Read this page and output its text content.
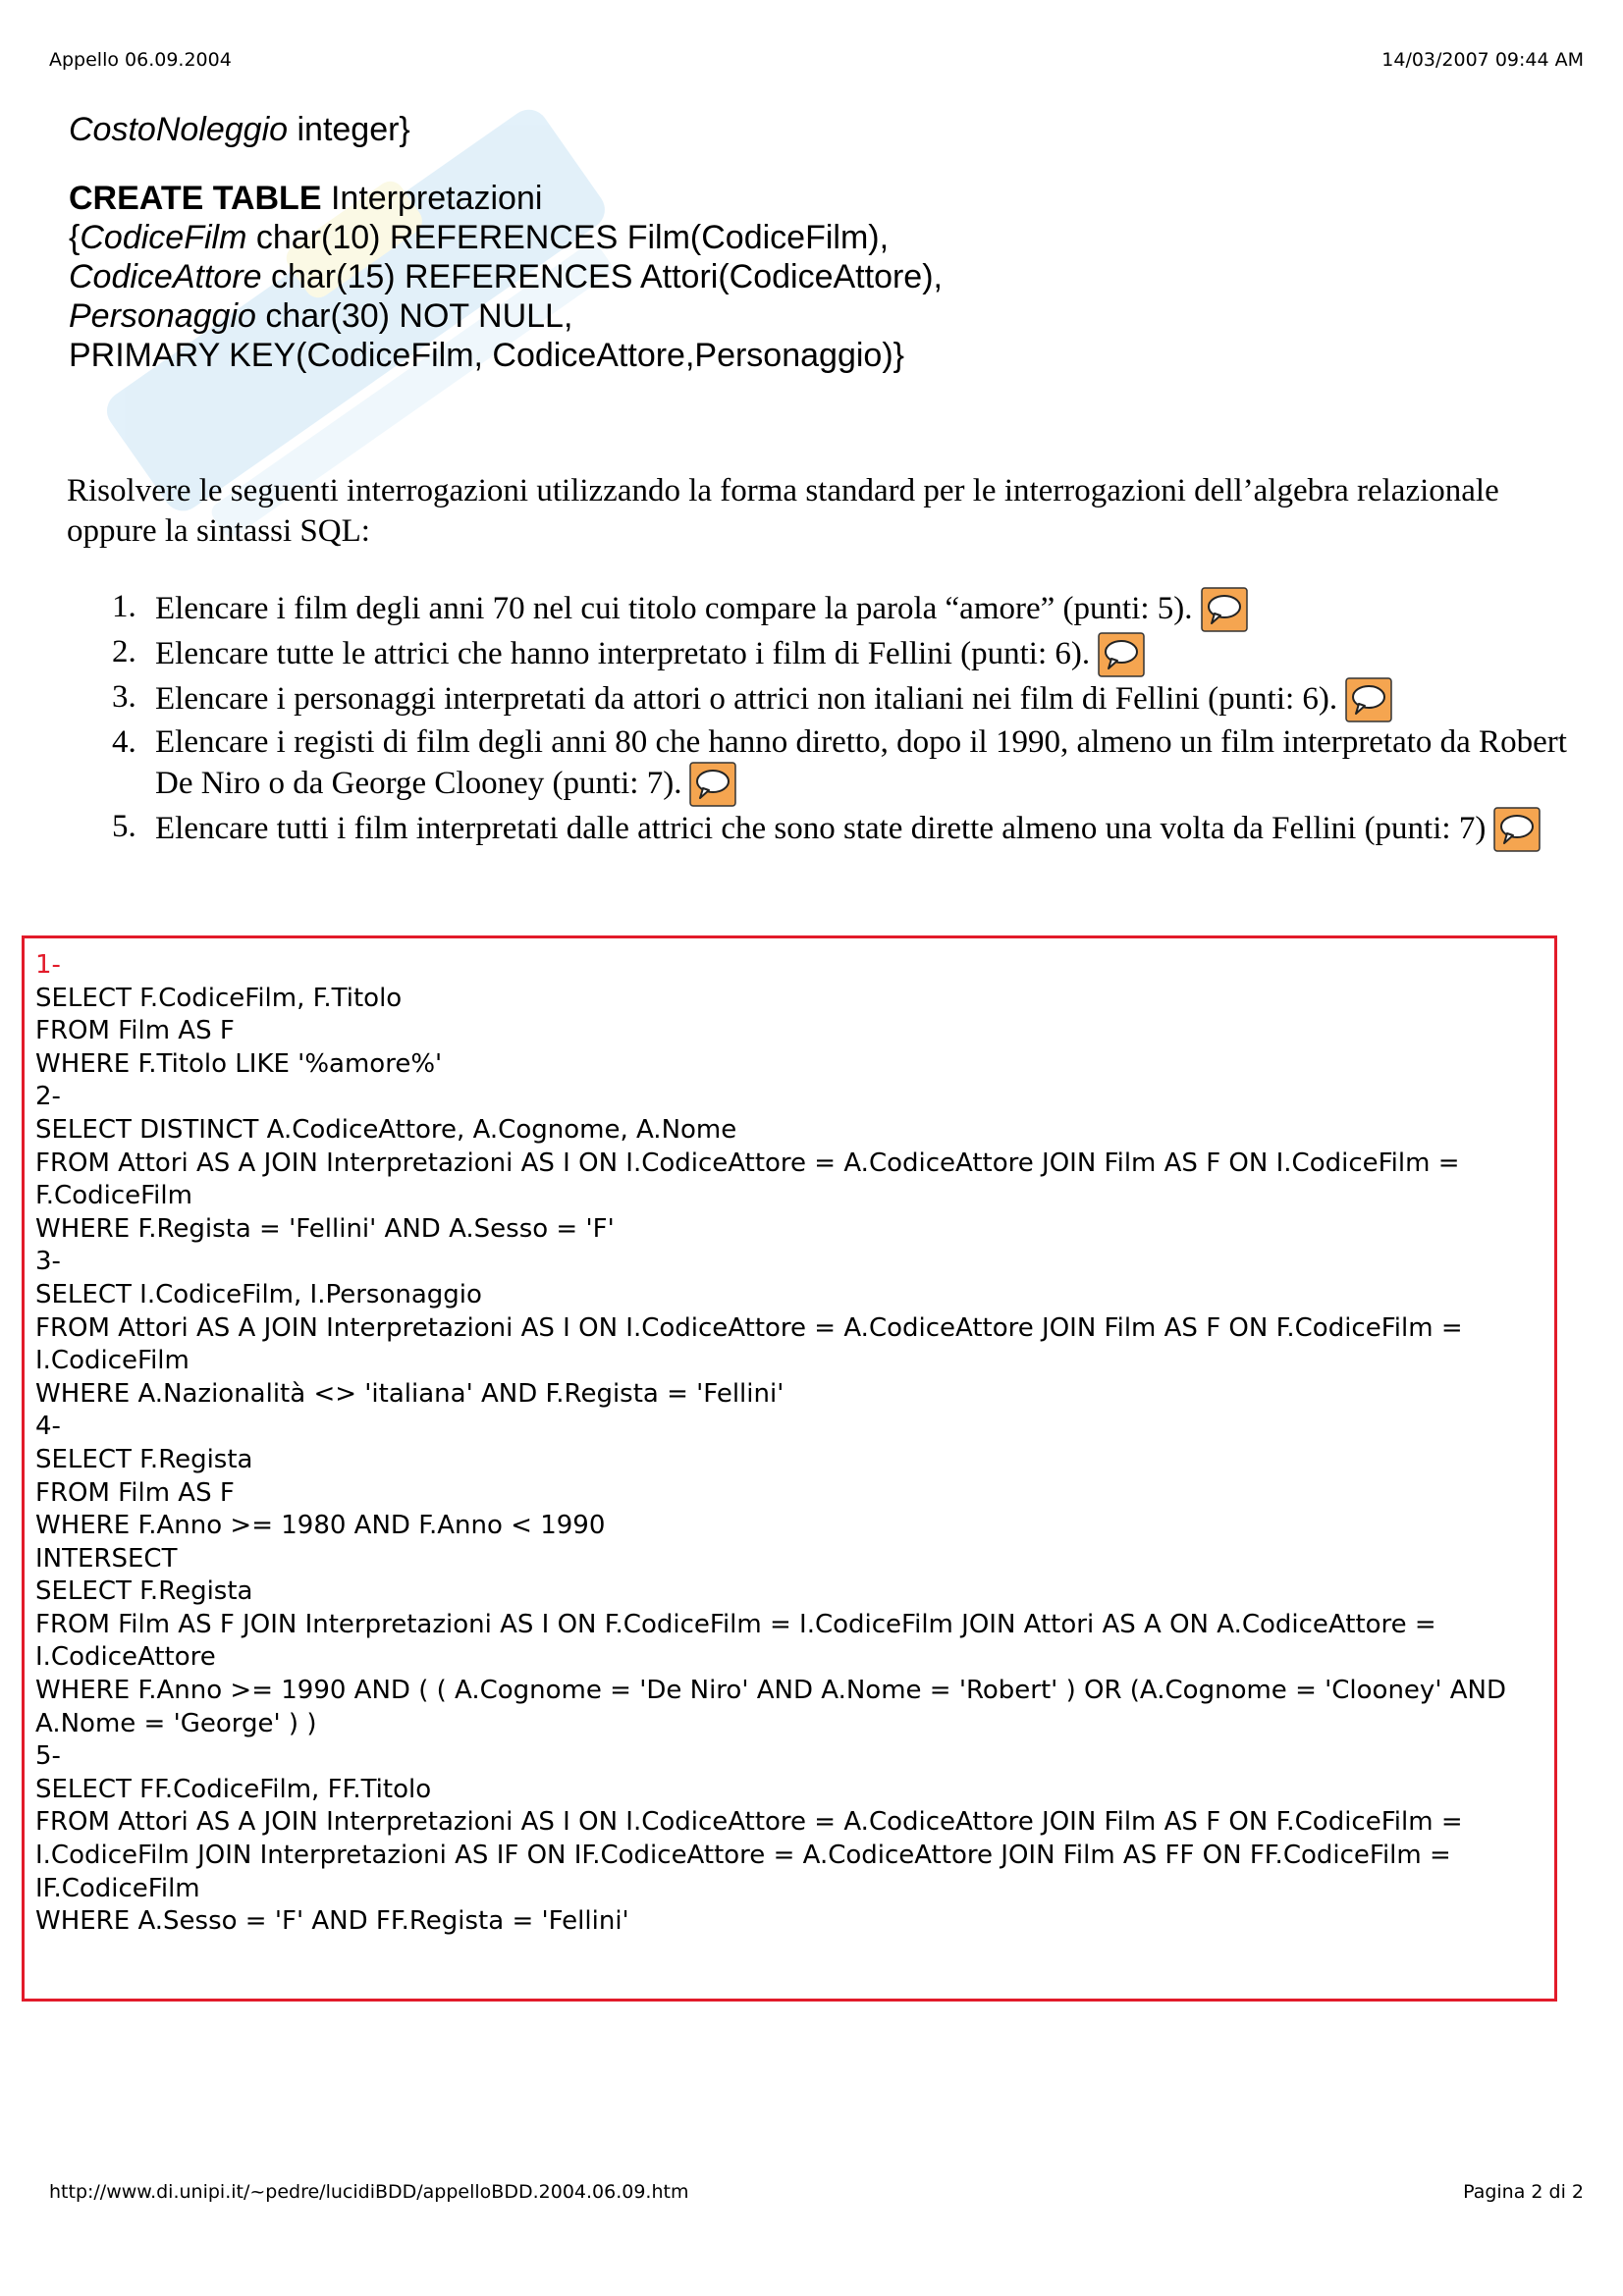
Appello 06.09.2004	14/03/2007 09:44 AM
CostoNoleggio integer}
CREATE TABLE Interpretazioni
{CodiceFilm char(10) REFERENCES Film(CodiceFilm),
CodiceAttore char(15) REFERENCES Attori(CodiceAttore),
Personaggio char(30) NOT NULL,
PRIMARY KEY(CodiceFilm, CodiceAttore,Personaggio)}
Risolvere le seguenti interrogazioni utilizzando la forma standard per le interrogazioni dell’algebra relazionale oppure la sintassi SQL:
1. Elencare i film degli anni 70 nel cui titolo compare la parola “amore” (punti: 5).
2. Elencare tutte le attrici che hanno interpretato i film di Fellini (punti: 6).
3. Elencare i personaggi interpretati da attori o attrici non italiani nei film di Fellini (punti: 6).
4. Elencare i registi di film degli anni 80 che hanno diretto, dopo il 1990, almeno un film interpretato da Robert De Niro o da George Clooney (punti: 7).
5. Elencare tutti i film interpretati dalle attrici che sono state dirette almeno una volta da Fellini (punti: 7)
1-
SELECT F.CodiceFilm, F.Titolo
FROM Film AS F
WHERE F.Titolo LIKE '%amore%'
2-
SELECT DISTINCT A.CodiceAttore, A.Cognome, A.Nome
FROM Attori AS A JOIN Interpretazioni AS I ON I.CodiceAttore = A.CodiceAttore JOIN Film AS F ON I.CodiceFilm = F.CodiceFilm
WHERE F.Regista = 'Fellini' AND A.Sesso = 'F'
3-
SELECT I.CodiceFilm, I.Personaggio
FROM Attori AS A JOIN Interpretazioni AS I ON I.CodiceAttore = A.CodiceAttore JOIN Film AS F ON F.CodiceFilm = I.CodiceFilm
WHERE A.Nazionalità <> 'italiana' AND F.Regista = 'Fellini'
4-
SELECT F.Regista
FROM Film AS F
WHERE F.Anno >= 1980 AND F.Anno < 1990
INTERSECT
SELECT F.Regista
FROM Film AS F JOIN Interpretazioni AS I ON F.CodiceFilm = I.CodiceFilm JOIN Attori AS A ON A.CodiceAttore = I.CodiceAttore
WHERE F.Anno >= 1990 AND ( ( A.Cognome = 'De Niro' AND A.Nome = 'Robert' ) OR (A.Cognome = 'Clooney' AND A.Nome = 'George' ) )
5-
SELECT FF.CodiceFilm, FF.Titolo
FROM Attori AS A JOIN Interpretazioni AS I ON I.CodiceAttore = A.CodiceAttore JOIN Film AS F ON F.CodiceFilm = I.CodiceFilm JOIN Interpretazioni AS IF ON IF.CodiceAttore = A.CodiceAttore JOIN Film AS FF ON FF.CodiceFilm = IF.CodiceFilm
WHERE A.Sesso = 'F' AND FF.Regista = 'Fellini'
http://www.di.unipi.it/~pedre/lucidiBDD/appelloBDD.2004.06.09.htm	Pagina 2 di 2
